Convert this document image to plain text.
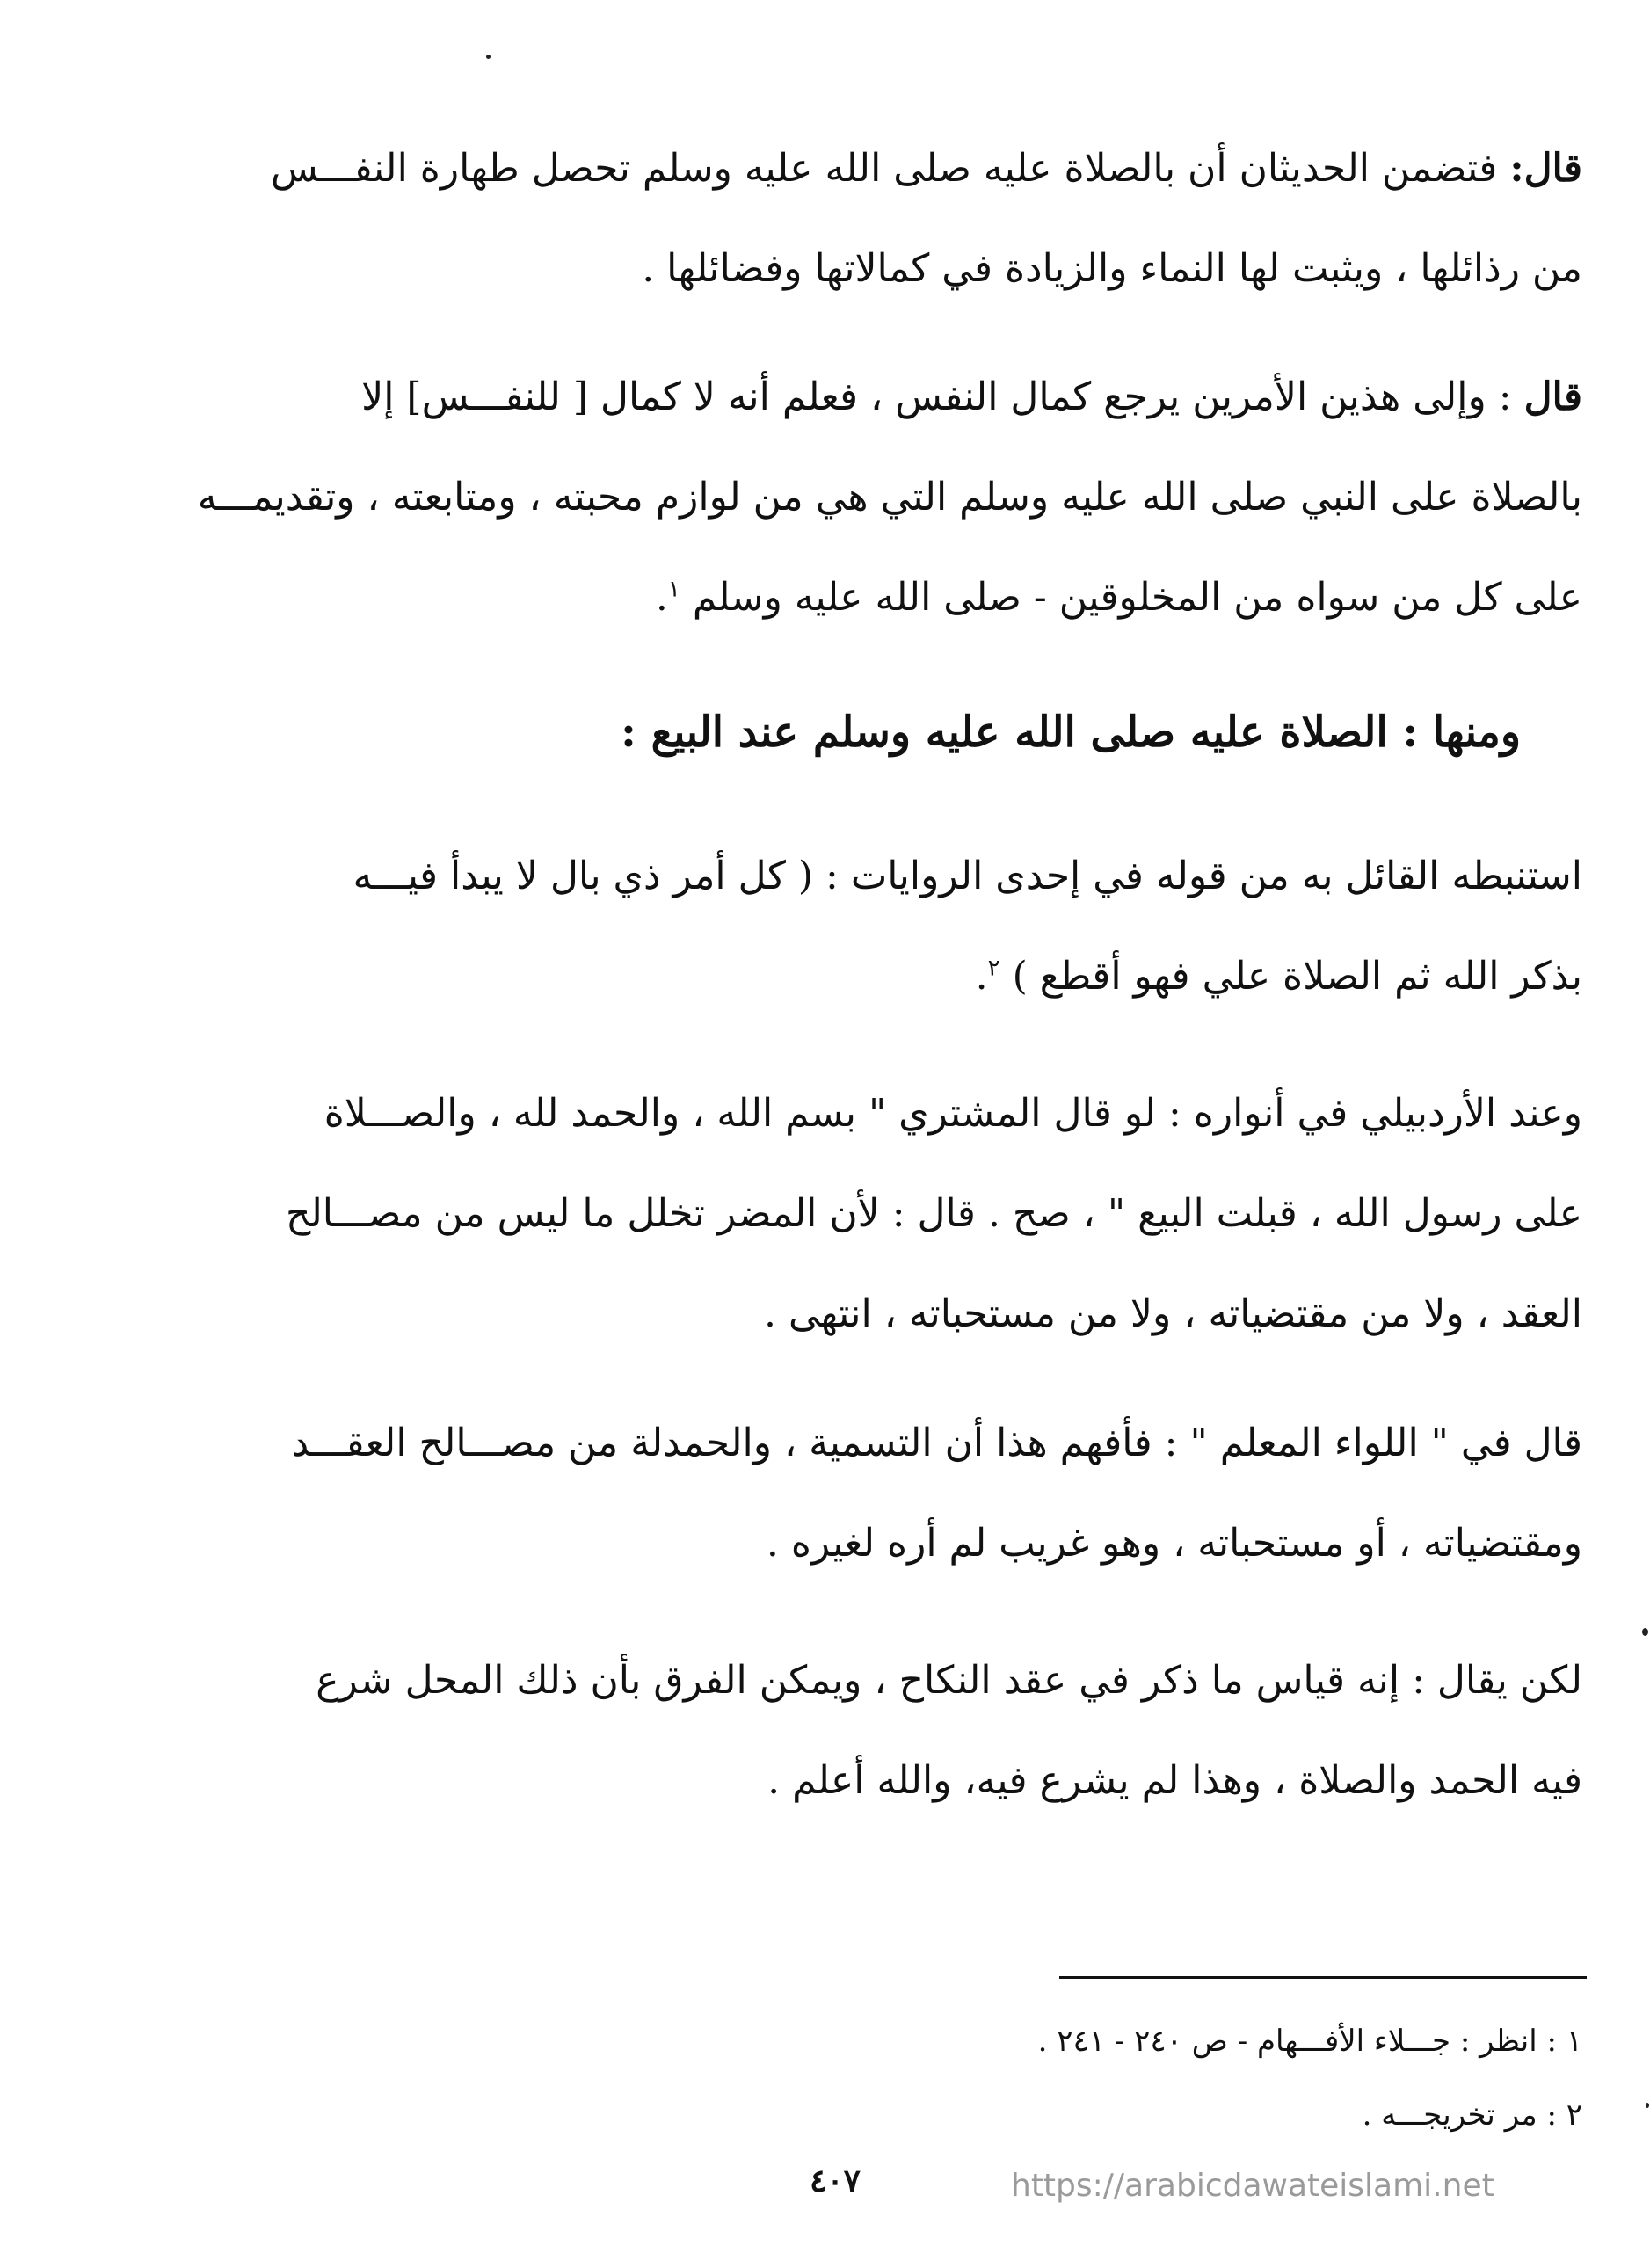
قال: فتضمن الحديثان أن بالصلاة عليه صلى الله عليه وسلم تحصل طهارة النفـــس
من رذائلها ، ويثبت لها النماء والزيادة في كمالاتها وفضائلها .
قال : وإلى هذين الأمرين يرجع كمال النفس ، فعلم أنه لا كمال [ للنفـــس] إلا
بالصلاة على النبي صلى الله عليه وسلم التي هي من لوازم محبته ، ومتابعته ، وتقديمـــه
على كل من سواه من المخلوقين - صلى الله عليه وسلم $^١$.
ومنها : الصلاة عليه صلى الله عليه وسلم عند البيع :
استنبطه القائل به من قوله في إحدى الروايات : ( كل أمر ذي بال لا يبدأ فيـــه
بذكر الله ثم الصلاة علي فهو أقطع ) $^٢$.
وعند الأردبيلي في أنواره : لو قال المشتري " بسم الله ، والحمد لله ، والصـــلاة
على رسول الله ، قبلت البيع " ، صح . قال : لأن المضر تخلل ما ليس من مصـــالح
العقد ، ولا من مقتضياته ، ولا من مستحباته ، انتهى .
قال في " اللواء المعلم " : فأفهم هذا أن التسمية ، والحمدلة من مصـــالح العقـــد
ومقتضياته ، أو مستحباته ، وهو غريب لم أره لغيره .
لكن يقال : إنه قياس ما ذكر في عقد النكاح ، ويمكن الفرق بأن ذلك المحل شرع
فيه الحمد والصلاة ، وهذا لم يشرع فيه، والله أعلم .
١ : انظر : جـــلاء الأفـــهام - ص ٢٤٠ - ٢٤١ .
٢ : مر تخريجـــه .
٤٠٧	https://arabicdawateislami.net
